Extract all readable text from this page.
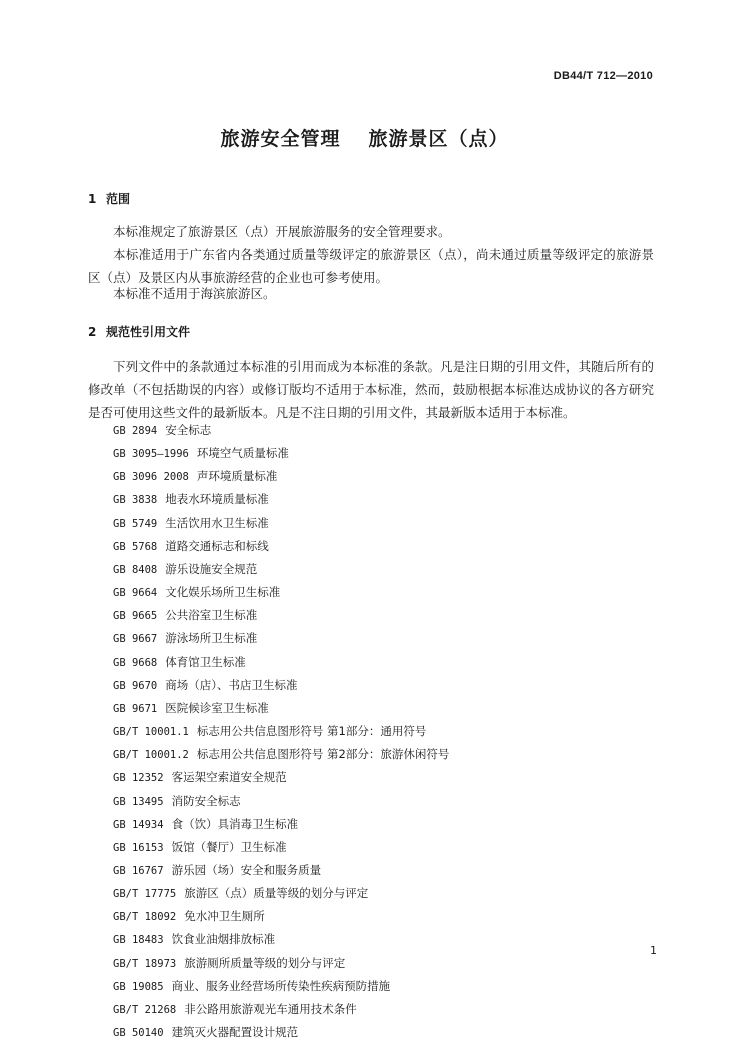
DB44/T 712—2010
旅游安全管理 旅游景区（点）
1 范围

本标准规定了旅游景区（点）开展旅游服务的安全管理要求。

本标准适用于广东省内各类通过质量等级评定的旅游景区（点），尚未通过质量等级评定的旅游景区（点）及景区内从事旅游经营的企业也可参考使用。

本标准不适用于海滨旅游区。

2 规范性引用文件

下列文件中的条款通过本标准的引用而成为本标准的条款。凡是注日期的引用文件，其随后所有的修改单（不包括勘误的内容）或修订版均不适用于本标准，然而，鼓励根据本标准达成协议的各方研究是否可使用这些文件的最新版本。凡是不注日期的引用文件，其最新版本适用于本标准。

GB 2894 安全标志
GB 3095—1996 环境空气质量标准
GB 3096 2008 声环境质量标准
GB 3838 地表水环境质量标准
GB 5749 生活饮用水卫生标准
GB 5768 道路交通标志和标线
GB 8408 游乐设施安全规范
GB 9664 文化娱乐场所卫生标准
GB 9665 公共浴室卫生标准
GB 9667 游泳场所卫生标准
GB 9668 体育馆卫生标准
GB 9670 商场（店）、书店卫生标准
GB 9671 医院候诊室卫生标准
GB/T 10001.1 标志用公共信息图形符号 第1部分：通用符号
GB/T 10001.2 标志用公共信息图形符号 第2部分：旅游休闲符号
GB 12352 客运架空索道安全规范
GB 13495 消防安全标志
GB 14934 食（饮）具消毒卫生标准
GB 16153 饭馆（餐厅）卫生标准
GB 16767 游乐园（场）安全和服务质量
GB/T 17775 旅游区（点）质量等级的划分与评定
GB/T 18092 免水冲卫生厕所
GB 18483 饮食业油烟排放标准
GB/T 18973 旅游厕所质量等级的划分与评定
GB 19085 商业、服务业经营场所传染性疾病预防措施
GB/T 21268 非公路用旅游观光车通用技术条件
GB 50140 建筑灭火器配置设计规范
1
